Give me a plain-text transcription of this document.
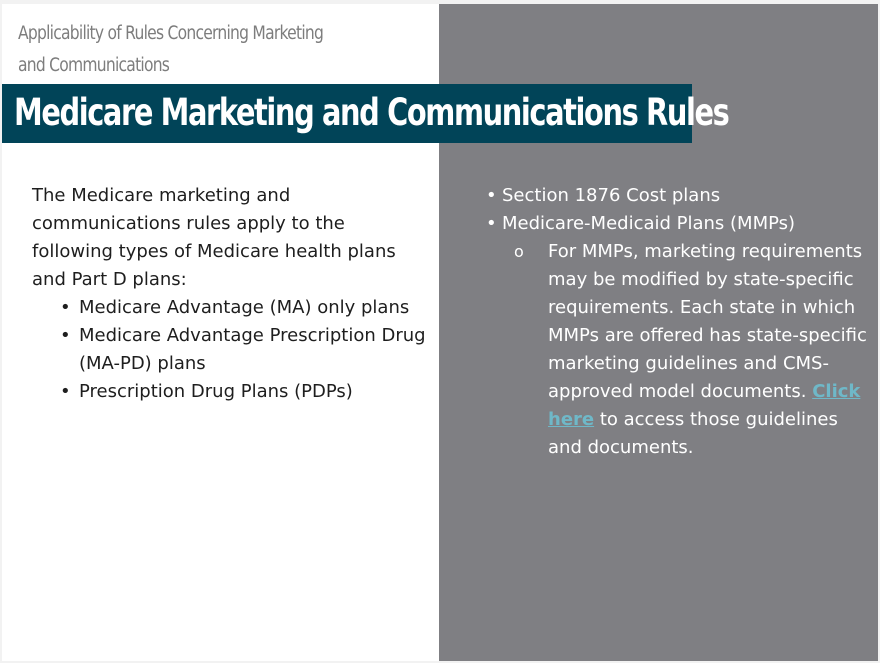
Applicability of Rules Concerning Marketing and Communications
Medicare Marketing and Communications Rules

The Medicare marketing and communications rules apply to the following types of Medicare health plans and Part D plans:

• Medicare Advantage (MA) only plans
• Medicare Advantage Prescription Drug (MA-PD) plans
• Prescription Drug Plans (PDPs)
• Section 1876 Cost plans
• Medicare-Medicaid Plans (MMPs)

o For MMPs, marketing requirements may be modified by state-specific requirements. Each state in which MMPs are offered has state-specific marketing guidelines and CMS-approved model documents. Click here to access those guidelines and documents.
